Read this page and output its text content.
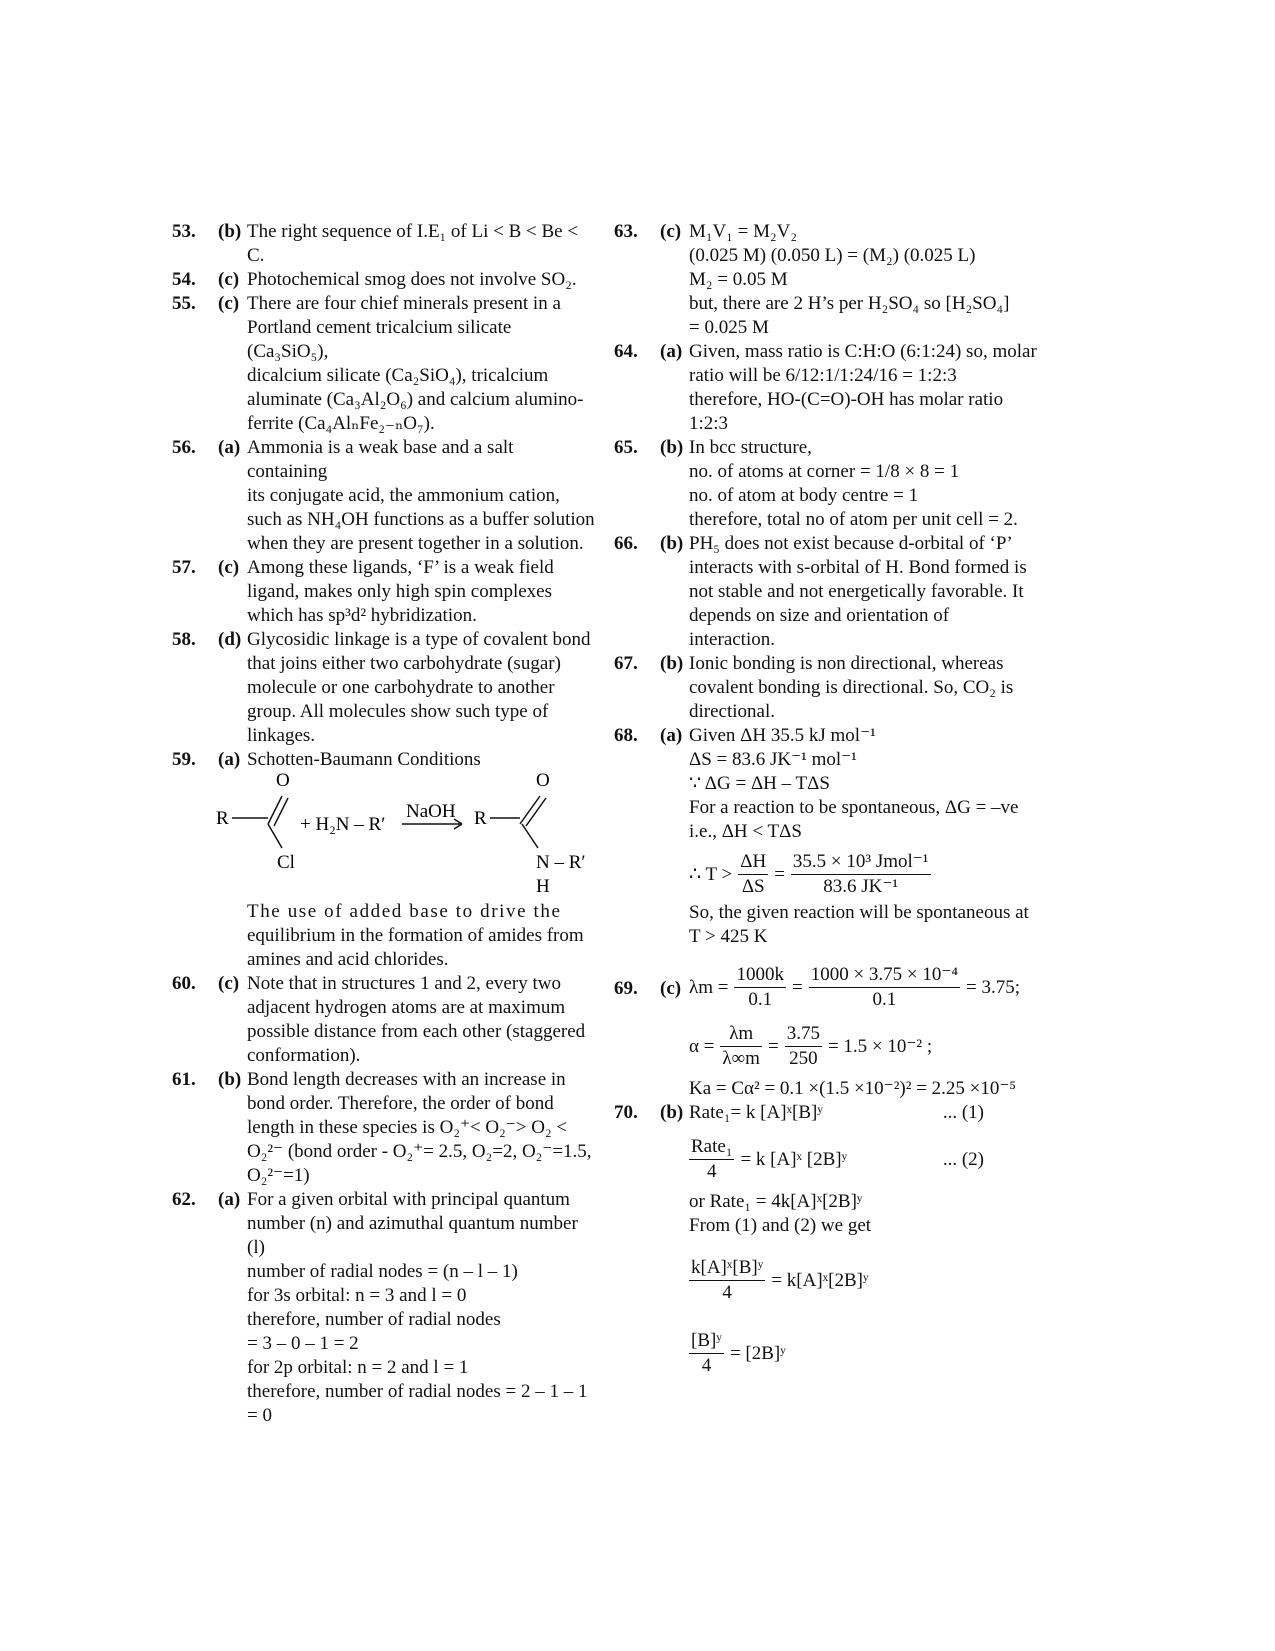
53. (b) The right sequence of I.E₁ of Li < B < Be < C.
54. (c) Photochemical smog does not involve SO₂.
55. (c) There are four chief minerals present in a
Portland cement tricalcium silicate (Ca₃SiO₅),
dicalcium silicate (Ca₂SiO₄), tricalcium
aluminate (Ca₃Al₂O₆) and calcium alumino-
ferrite (Ca₄AlₙFe₂₋ₙO₇).
56. (a) Ammonia is a weak base and a salt containing
its conjugate acid, the ammonium cation,
such as NH₄OH functions as a buffer solution
when they are present together in a solution.
57. (c) Among these ligands, ‘F’ is a weak field
ligand, makes only high spin complexes
which has sp³d² hybridization.
58. (d) Glycosidic linkage is a type of covalent bond
that joins either two carbohydrate (sugar)
molecule or one carbohydrate to another
group. All molecules show such type of
linkages.
59. (a) Schotten-Baumann Conditions
O
R
Cl
+ H₂N – R′
NaOH R
O
N – R′
H
The use of added base to drive the
equilibrium in the formation of amides from
amines and acid chlorides.
60. (c) Note that in structures 1 and 2, every two
adjacent hydrogen atoms are at maximum
possible distance from each other (staggered
conformation).
61. (b) Bond length decreases with an increase in
bond order. Therefore, the order of bond
length in these species is O₂⁺< O₂⁻> O₂ <
O₂²⁻ (bond order - O₂⁺= 2.5, O₂=2, O₂⁻=1.5,
O₂²⁻=1)
62. (a) For a given orbital with principal quantum
number (n) and azimuthal quantum number
(l)
number of radial nodes = (n – l – 1)
for 3s orbital: n = 3 and l = 0
therefore, number of radial nodes
= 3 – 0 – 1 = 2
for 2p orbital: n = 2 and l = 1
therefore, number of radial nodes = 2 – 1 – 1
= 0
63. (c) M₁V₁ = M₂V₂
(0.025 M) (0.050 L) = (M₂) (0.025 L)
M₂ = 0.05 M
but, there are 2 H’s per H₂SO₄ so [H₂SO₄]
= 0.025 M
64. (a) Given, mass ratio is C:H:O (6:1:24) so, molar
ratio will be 6/12:1/1:24/16 = 1:2:3
therefore, HO-(C=O)-OH has molar ratio 1:2:3
65. (b) In bcc structure,
no. of atoms at corner = 1/8 × 8 = 1
no. of atom at body centre = 1
therefore, total no of atom per unit cell = 2.
66. (b) PH₅ does not exist because d-orbital of ‘P’
interacts with s-orbital of H. Bond formed is
not stable and not energetically favorable. It
depends on size and orientation of
interaction.
67. (b) Ionic bonding is non directional, whereas
covalent bonding is directional. So, CO₂ is
directional.
68. (a) Given ΔH 35.5 kJ mol⁻¹
ΔS = 83.6 JK⁻¹ mol⁻¹
∵ ΔG = ΔH – TΔS
For a reaction to be spontaneous, ΔG = –ve
i.e., ΔH < TΔS
∴ $T > \frac{\Delta H}{\Delta S} = \frac{\text{35.5 × 10³ Jmol⁻¹}}{\text{83.6 JK⁻¹}}$
So, the given reaction will be spontaneous at
T > 425 K
69. (c) $\lambda m = \frac{1000k}{0.1} = \frac{\text{1000 × 3.75 × 10⁻⁴}}{0.1} = 3.75$;
$\alpha = \frac{\lambda m}{\lambda\infty m} = \frac{3.75}{250} = 1.5 \times 10^{-2}$ ;
Ka = Cα² = 0.1 ×(1.5 ×10⁻²)² = 2.25 ×10⁻⁵
70. (b) Rate₁= k [A]ˣ[B]ʸ	... (1)
$\frac{\text{Rate₁}}{4} = k$ [A]ˣ [2B]ʸ	... (2)
or Rate₁ = 4k[A]ˣ[2B]ʸ
From (1) and (2) we get
$\frac{\text{k[A]ˣ[B]ʸ}}{4}$ = k[A]ˣ[2B]ʸ
$\frac{\text{[B]ʸ}}{4}$ = [2B]ʸ
